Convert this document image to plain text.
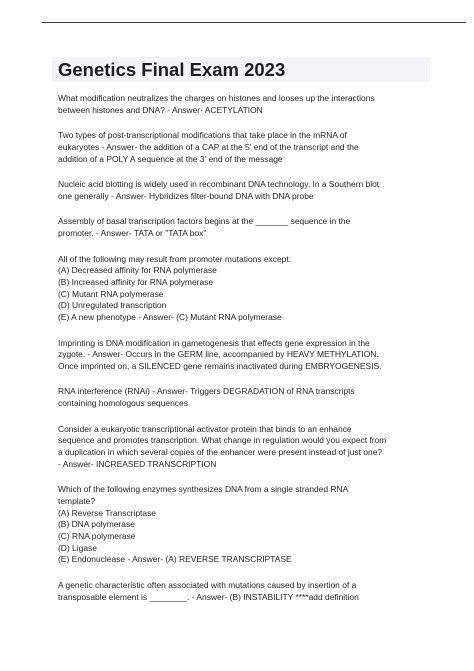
Genetics Final Exam 2023

What modification neutralizes the charges on histones and looses up the interactions

between histones and DNA? - Answer- ACETYLATION

Two types of post-transcriptional modifications that take place in the mRNA of

eukaryotes - Answer- the addition of a CAP at the 5' end of the transcript and the

addition of a POLY A sequence at the 3' end of the message

Nucleic acid blotting is widely used in recombinant DNA technology. In a Southern blot

one generally - Answer- Hybridizes filter-bound DNA with DNA probe

Assembly of basal transcription factors begins at the _______ sequence in the

promoter. - Answer- TATA or "TATA box"

All of the following may result from promoter mutations except:

(A) Decreased affinity for RNA polymerase

(B) Increased affinity for RNA polymerase

(C) Mutant RNA polymerase

(D) Unregulated transcription

(E) A new phenotype - Answer- (C) Mutant RNA polymerase

Imprinting is DNA modification in gametogenesis that effects gene expression in the

zygote. - Answer- Occurs in the GERM line, accompanied by HEAVY METHYLATION.

Once imprinted on, a SILENCED gene remains inactivated during EMBRYOGENESIS.

RNA interference (RNAi) - Answer- Triggers DEGRADATION of RNA transcripts

containing homologous sequences

Consider a eukaryotic transcriptional activator protein that binds to an enhance

sequence and promotes transcription. What change in regulation would you expect from

a duplication in which several copies of the enhancer were present instead of just one?

- Answer- INCREASED TRANSCRIPTION

Which of the following enzymes synthesizes DNA from a single stranded RNA

template?

(A) Reverse Transcriptase

(B) DNA polymerase

(C) RNA polymerase

(D) Ligase

(E) Endonuclease - Answer- (A) REVERSE TRANSCRIPTASE

A genetic characteristic often associated with mutations caused by insertion of a

transposable element is ________. - Answer- (B) INSTABILITY ****add definition
